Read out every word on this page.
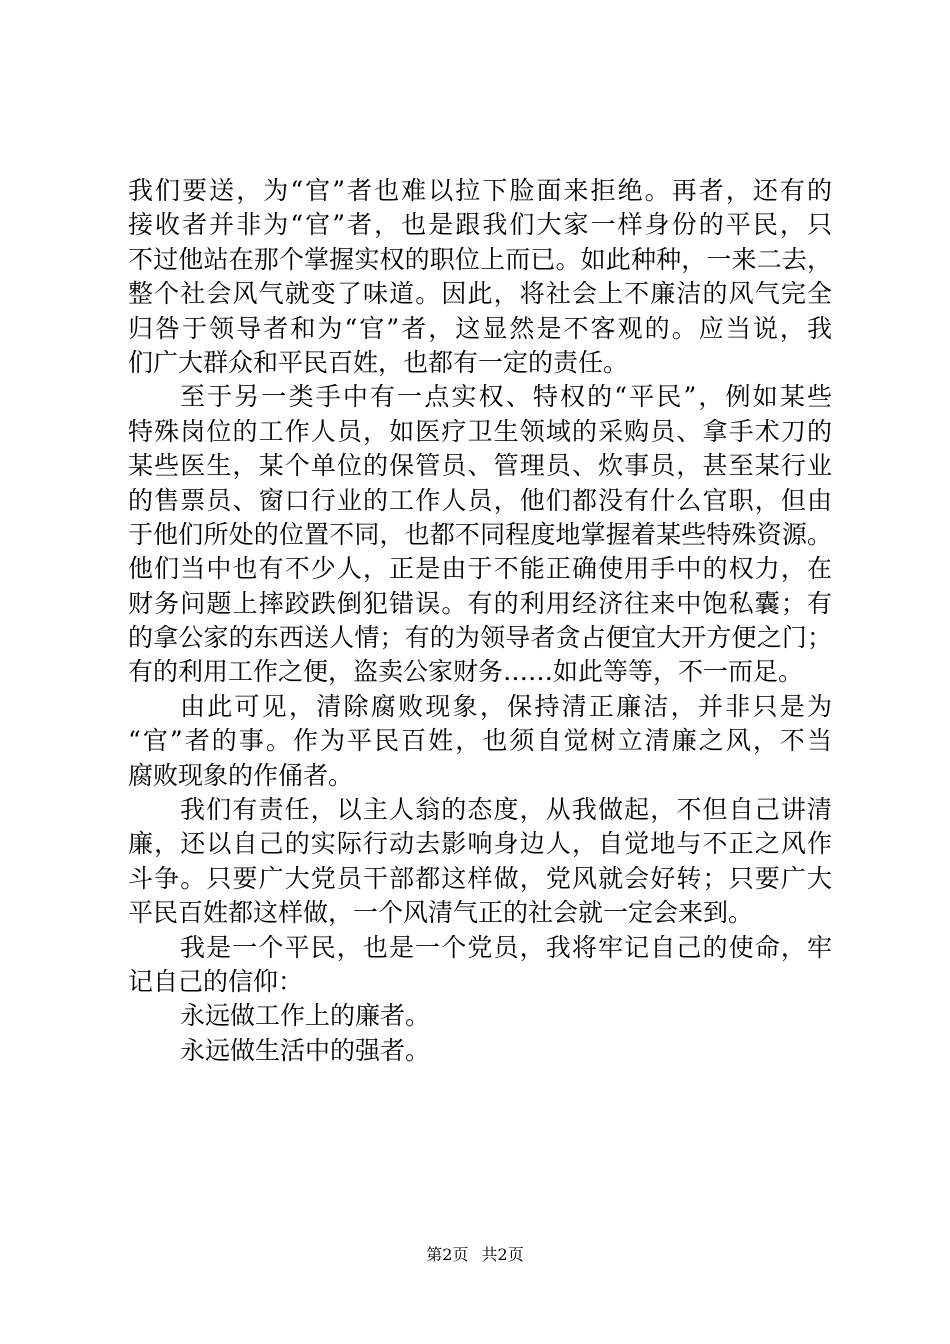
我们要送，为“官”者也难以拉下脸面来拒绝。再者，还有的
接收者并非为“官”者，也是跟我们大家一样身份的平民，只
不过他站在那个掌握实权的职位上而已。如此种种，一来二去，
整个社会风气就变了味道。因此，将社会上不廉洁的风气完全
归咎于领导者和为“官”者，这显然是不客观的。应当说，我
们广大群众和平民百姓，也都有一定的责任。
至于另一类手中有一点实权、特权的“平民”，例如某些
特殊岗位的工作人员，如医疗卫生领域的采购员、拿手术刀的
某些医生，某个单位的保管员、管理员、炊事员，甚至某行业
的售票员、窗口行业的工作人员，他们都没有什么官职，但由
于他们所处的位置不同，也都不同程度地掌握着某些特殊资源。
他们当中也有不少人，正是由于不能正确使用手中的权力，在
财务问题上摔跤跌倒犯错误。有的利用经济往来中饱私囊；有
的拿公家的东西送人情；有的为领导者贪占便宜大开方便之门；
有的利用工作之便，盗卖公家财务……如此等等，不一而足。
由此可见，清除腐败现象，保持清正廉洁，并非只是为
“官”者的事。作为平民百姓，也须自觉树立清廉之风，不当
腐败现象的作俑者。
我们有责任，以主人翁的态度，从我做起，不但自己讲清
廉，还以自己的实际行动去影响身边人，自觉地与不正之风作
斗争。只要广大党员干部都这样做，党风就会好转；只要广大
平民百姓都这样做，一个风清气正的社会就一定会来到。
我是一个平民，也是一个党员，我将牢记自己的使命，牢
记自己的信仰：
永远做工作上的廉者。
永远做生活中的强者。
第2页 共2页
